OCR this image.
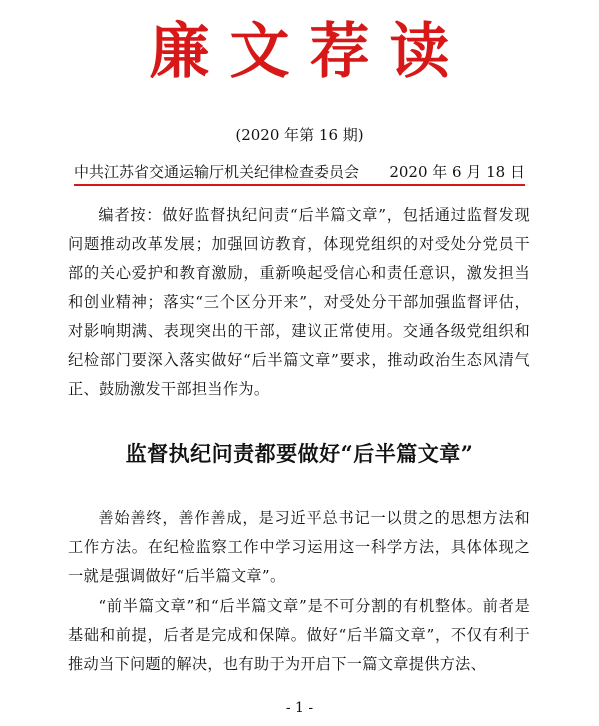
廉文荐读
(2020 年第 16 期)
中共江苏省交通运输厅机关纪律检查委员会 2020 年 6 月 18 日
编者按：做好监督执纪问责“后半篇文章”，包括通过监督发现问题推动改革发展；加强回访教育，体现党组织的对受处分党员干部的关心爱护和教育激励，重新唤起受信心和责任意识，激发担当和创业精神；落实“三个区分开来”，对受处分干部加强监督评估，对影响期满、表现突出的干部，建议正常使用。交通各级党组织和纪检部门要深入落实做好“后半篇文章”要求，推动政治生态风清气正、鼓励激发干部担当作为。
监督执纪问责都要做好“后半篇文章”

善始善终，善作善成，是习近平总书记一以贯之的思想方法和工作方法。在纪检监察工作中学习运用这一科学方法，具体体现之一就是强调做好“后半篇文章”。

“前半篇文章”和“后半篇文章”是不可分割的有机整体。前者是基础和前提，后者是完成和保障。做好“后半篇文章”，不仅有利于推动当下问题的解决，也有助于为开启下一篇文章提供方法、

- 1 -
